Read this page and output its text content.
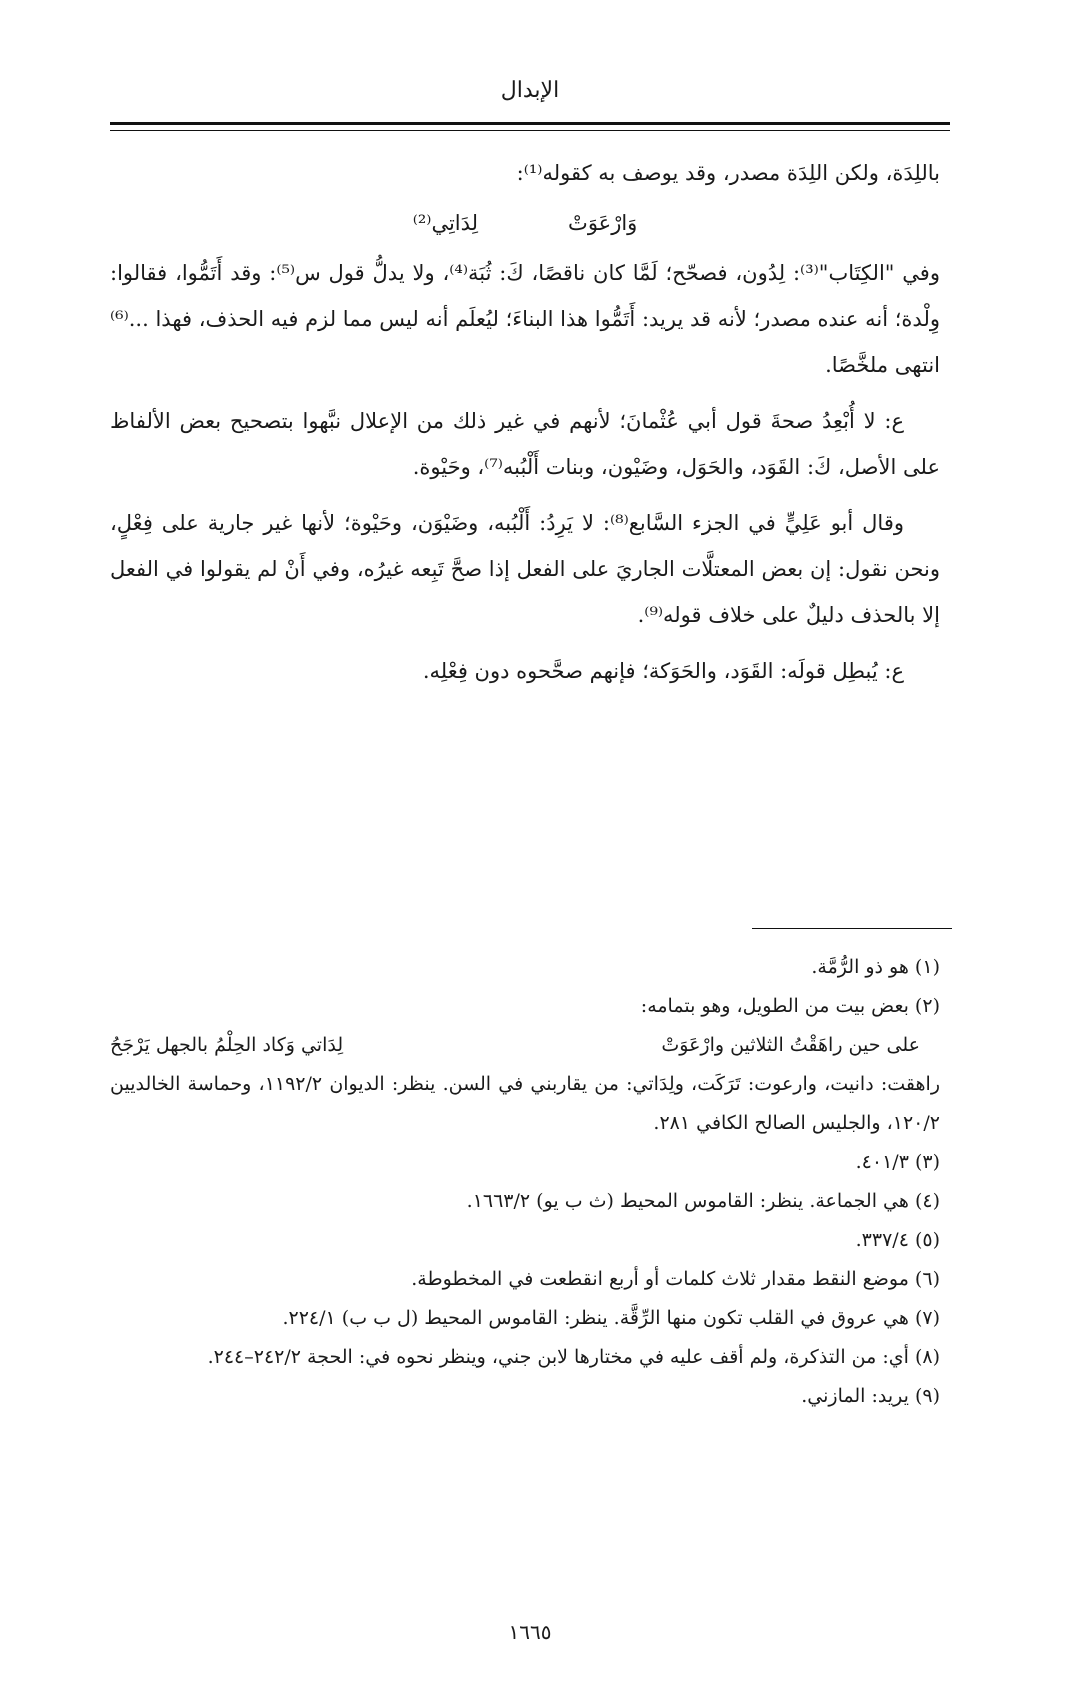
الإبدال

باللِدَة، ولكن اللِدَة مصدر، وقد يوصف به كقوله⁽¹⁾:

وَارْعَوَتْلِدَاتِي⁽²⁾

وفي "الكِتَاب"⁽³⁾: لِدُون، فصحّح؛ لَمَّا كان ناقصًا، كَ: ثُبَة⁽⁴⁾، ولا يدلُّ قول س⁽⁵⁾: وقد أَتَمُّوا، فقالوا: وِلْدة؛ أنه عنده مصدر؛ لأنه قد يريد: أَتَمُّوا هذا البناءَ؛ ليُعلَم أنه ليس مما لزم فيه الحذف، فهذا ...⁽⁶⁾ انتهى ملخَّصًا.

ع: لا أُبْعِدُ صحةَ قول أبي عُثْمانَ؛ لأنهم في غير ذلك من الإعلال نبَّهوا بتصحيح بعض الألفاظ على الأصل، كَ: القَوَد، والحَوَل، وضَيْون، وبنات أَلْبُبه⁽⁷⁾، وحَيْوة.

وقال أبو عَلِيٍّ في الجزء السَّابع⁽⁸⁾: لا يَرِدُ: أَلْبُبه، وضَيْوَن، وحَيْوة؛ لأنها غير جارية على فِعْلٍ، ونحن نقول: إن بعض المعتلَّات الجاريَ على الفعل إذا صحَّ تَبِعه غيرُه، وفي أَنْ لم يقولوا في الفعل إلا بالحذف دليلٌ على خلاف قوله⁽⁹⁾.

ع: يُبطِل قولَه: القَوَد، والحَوَكة؛ فإنهم صحَّحوه دون فِعْلِه.

(١) هو ذو الرُّمَّة.

(٢) بعض بيت من الطويل، وهو بتمامه:

على حين راهَقْتُ الثلاثين وارْعَوَتْ
لِدَاتي وَكاد الحِلْمُ بالجهل يَرْجَحُ

راهقت: دانيت، وارعوت: تَرَكَت، ولِدَاتي: من يقاربني في السن. ينظر: الديوان ١١٩٢/٢، وحماسة الخالديين ١٢٠/٢، والجليس الصالح الكافي ٢٨١.

(٣) ٤٠١/٣.

(٤) هي الجماعة. ينظر: القاموس المحيط (ث ب يو) ١٦٦٣/٢.

(٥) ٣٣٧/٤.

(٦) موضع النقط مقدار ثلاث كلمات أو أربع انقطعت في المخطوطة.

(٧) هي عروق في القلب تكون منها الرِّقَّة. ينظر: القاموس المحيط (ل ب ب) ٢٢٤/١.

(٨) أي: من التذكرة، ولم أقف عليه في مختارها لابن جني، وينظر نحوه في: الحجة ٢٤٢/٢–٢٤٤.

(٩) يريد: المازني.

١٦٦٥
